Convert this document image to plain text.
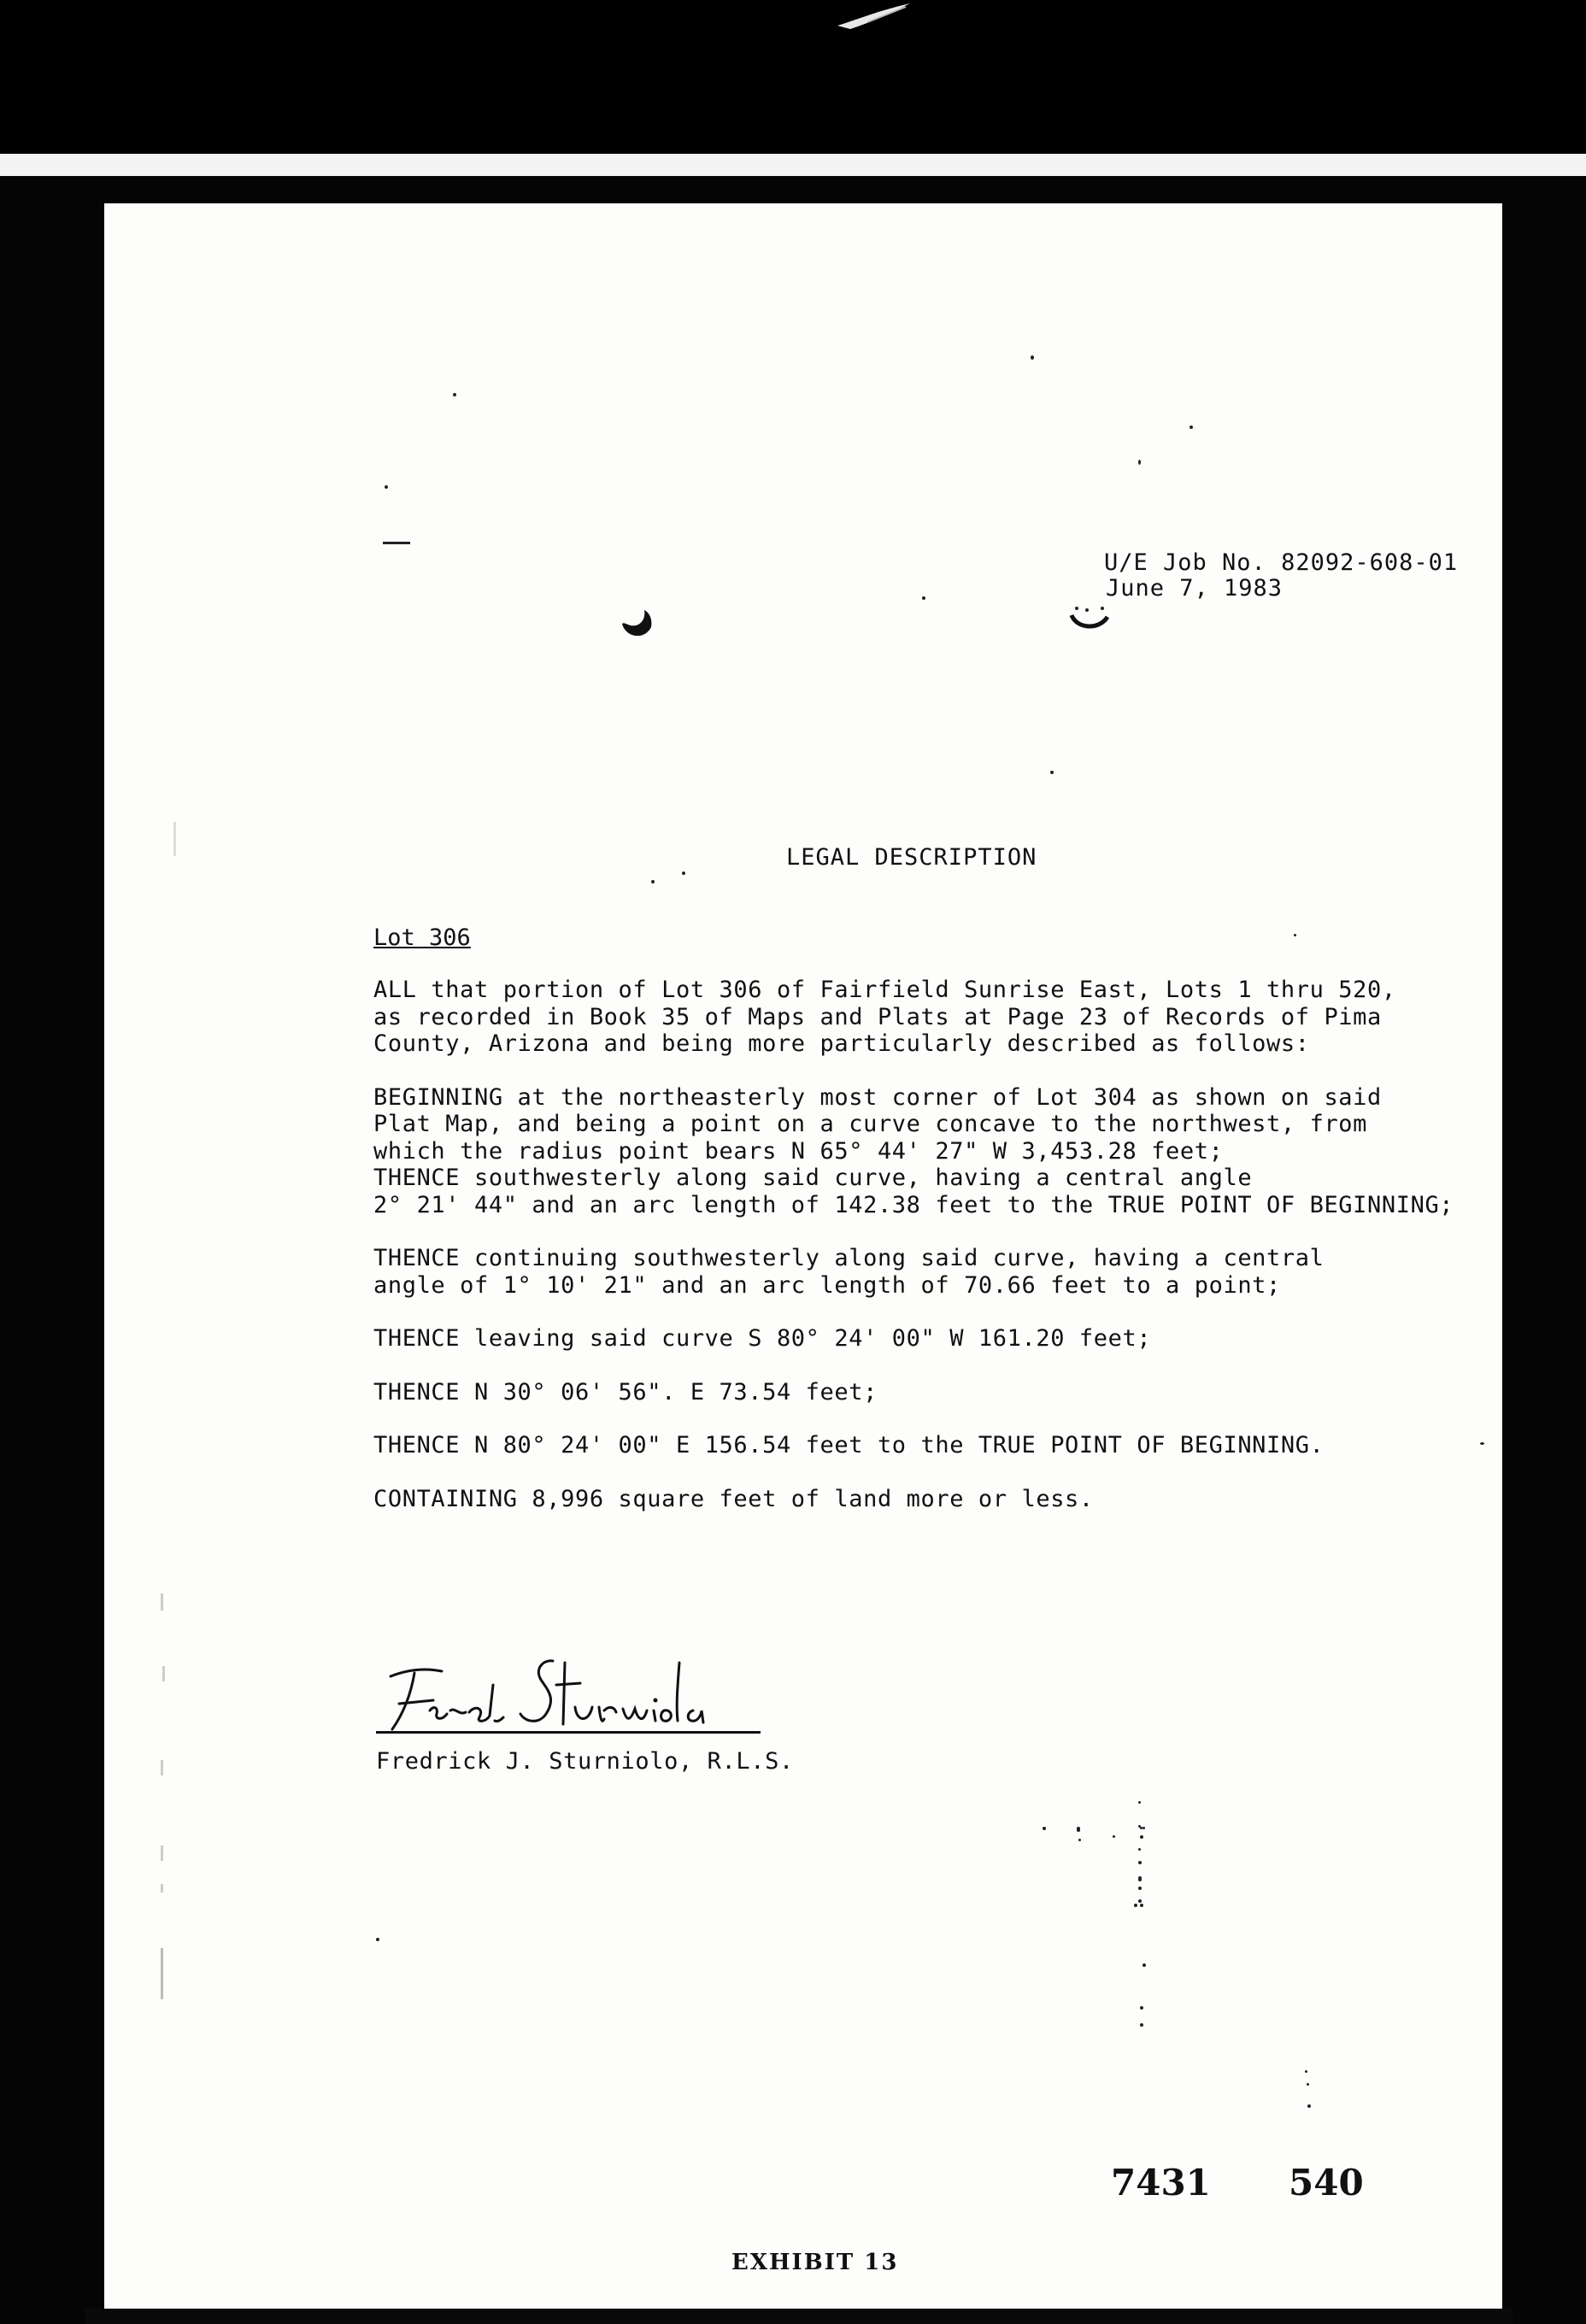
U/E Job No. 82092-608-01
June 7, 1983
LEGAL DESCRIPTION
Lot 306
ALL that portion of Lot 306 of Fairfield Sunrise East, Lots 1 thru 520,
as recorded in Book 35 of Maps and Plats at Page 23 of Records of Pima
County, Arizona and being more particularly described as follows:
BEGINNING at the northeasterly most corner of Lot 304 as shown on said
Plat Map, and being a point on a curve concave to the northwest, from
which the radius point bears N 65° 44' 27" W 3,453.28 feet;
THENCE southwesterly along said curve, having a central angle
2° 21' 44" and an arc length of 142.38 feet to the TRUE POINT OF BEGINNING;
THENCE continuing southwesterly along said curve, having a central
angle of 1° 10' 21" and an arc length of 70.66 feet to a point;
THENCE leaving said curve S 80° 24' 00" W 161.20 feet;
THENCE N 30° 06' 56". E 73.54 feet;
THENCE N 80° 24' 00" E 156.54 feet to the TRUE POINT OF BEGINNING.
CONTAINING 8,996 square feet of land more or less.
Fredrick J. Sturniolo, R.L.S.
7431 540
EXHIBIT 13
